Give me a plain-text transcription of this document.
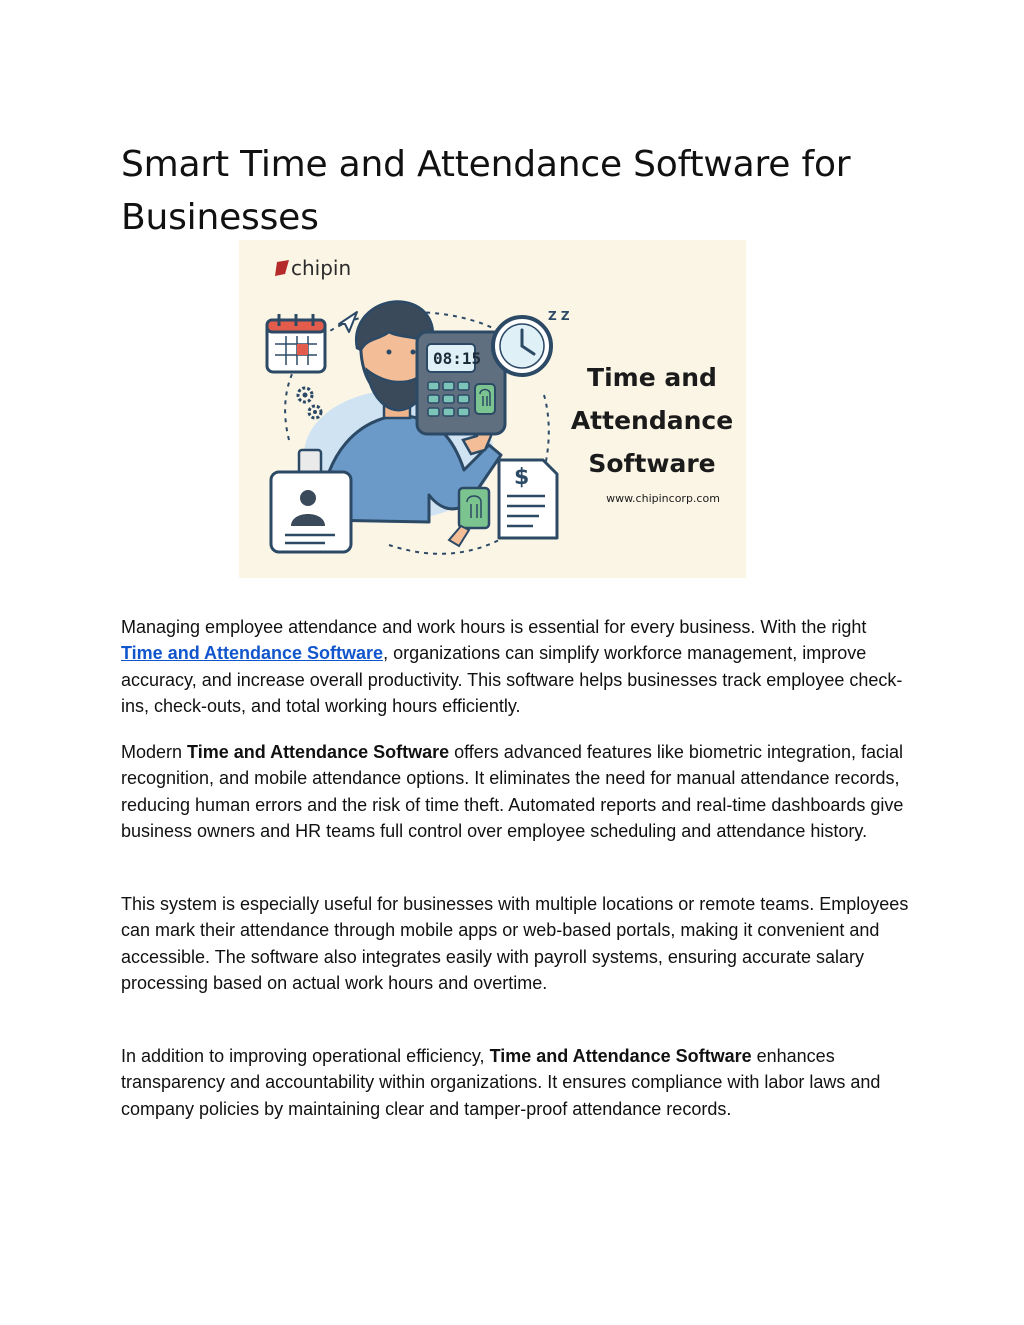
Smart Time and Attendance Software for Businesses
chipin
08:15
Z Z
$
Time and
Attendance
Software
www.chipincorp.com

Managing employee attendance and work hours is essential for every business. With the right Time and Attendance Software, organizations can simplify workforce management, improve accuracy, and increase overall productivity. This software helps businesses track employee check-ins, check-outs, and total working hours efficiently.

Modern Time and Attendance Software offers advanced features like biometric integration, facial recognition, and mobile attendance options. It eliminates the need for manual attendance records, reducing human errors and the risk of time theft. Automated reports and real-time dashboards give business owners and HR teams full control over employee scheduling and attendance history.

This system is especially useful for businesses with multiple locations or remote teams. Employees can mark their attendance through mobile apps or web-based portals, making it convenient and accessible. The software also integrates easily with payroll systems, ensuring accurate salary processing based on actual work hours and overtime.

In addition to improving operational efficiency, Time and Attendance Software enhances transparency and accountability within organizations. It ensures compliance with labor laws and company policies by maintaining clear and tamper-proof attendance records.
